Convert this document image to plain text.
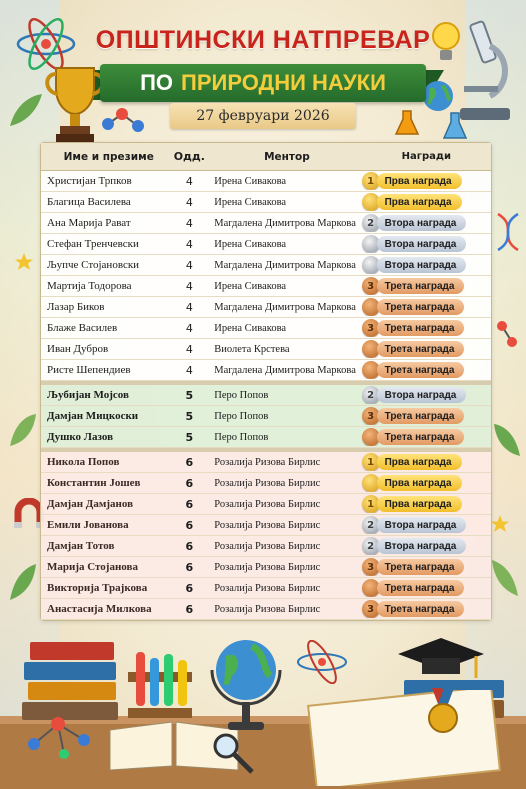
ОПШТИНСКИ НАТПРЕВАР
ПО ПРИРОДНИ НАУКИ
27 февруари 2026
Име и презиме	Одд.	Ментор	Награди
Христијан Трпков	4	Ирена Сивакова	1	Прва награда
Благица Василева	4	Ирена Сивакова	Прва награда
Ана Марија Рават	4	Магдалена Димитрова Маркова	2	Втора награда
Стефан Тренчевски	4	Ирена Сивакова	Втора награда
Љупче Стојановски	4	Магдалена Димитрова Маркова	Втора награда
Мартија Тодорова	4	Ирена Сивакова	3	Трета награда
Лазар Биков	4	Магдалена Димитрова Маркова	Трета награда
Блаже Василев	4	Ирена Сивакова	3	Трета награда
Иван Дубров	4	Виолета Крстева	Трета награда
Ристе Шепендиев	4	Магдалена Димитрова Маркова	Трета награда
Љубијан Мојсов	5	Перо Попов	2	Втора награда
Дамјан Мицкоски	5	Перо Попов	3	Трета награда
Душко Лазов	5	Перо Попов	Трета награда
Никола Попов	6	Розалија Ризова Бирлис	1	Прва награда
Константин Јошев	6	Розалија Ризова Бирлис	Прва награда
Дамјан Дамјанов	6	Розалија Ризова Бирлис	1	Прва награда
Емили Јованова	6	Розалија Ризова Бирлис	2	Втора награда
Дамјан Тотов	6	Розалија Ризова Бирлис	2	Втора награда
Марија Стојанова	6	Розалија Ризова Бирлис	3	Трета награда
Викторија Трајкова	6	Розалија Ризова Бирлис	Трета награда
Анастасија Милкова	6	Розалија Ризова Бирлис	3	Трета награда
